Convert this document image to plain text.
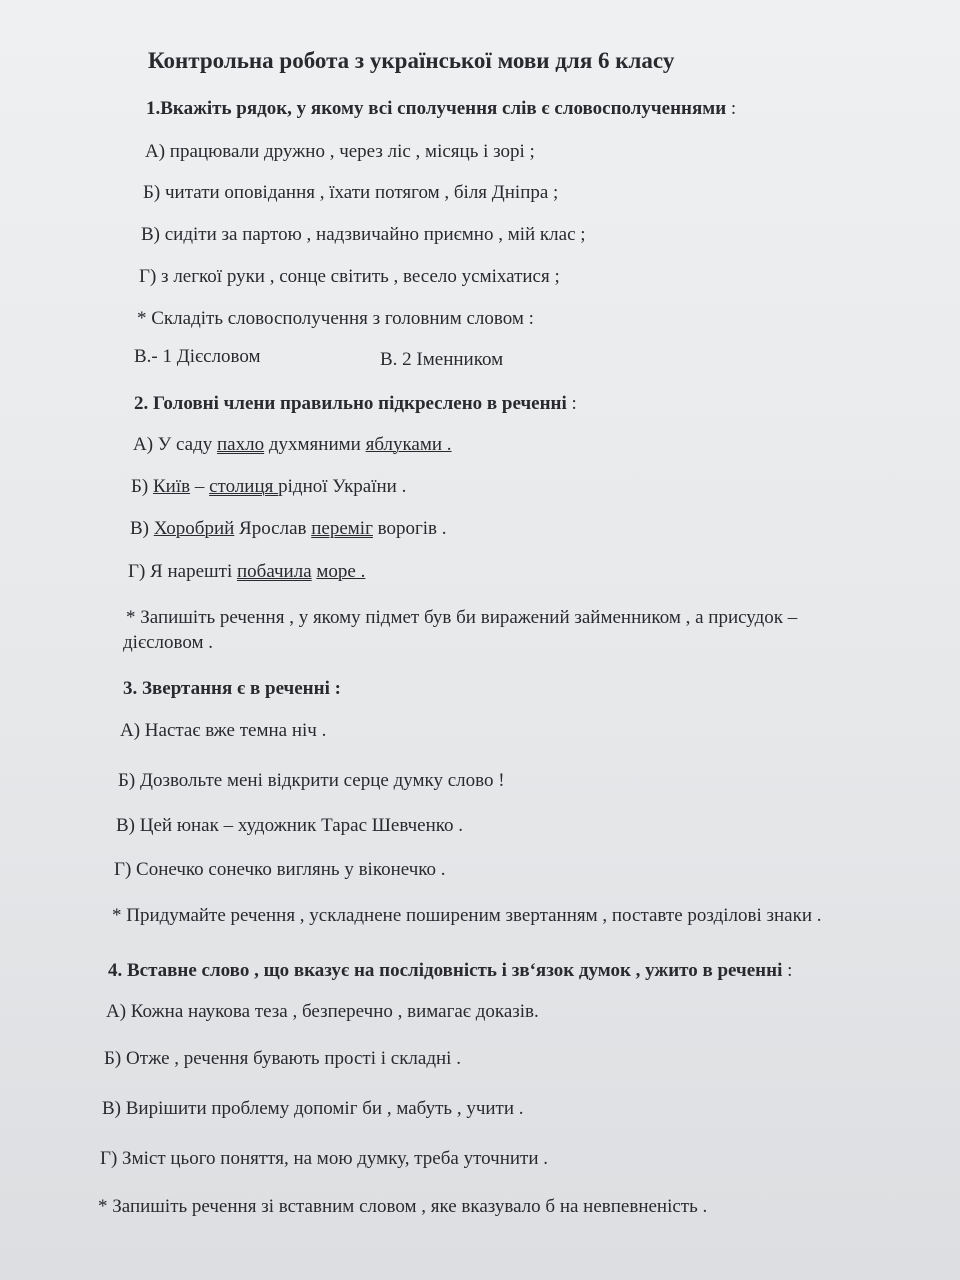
Контрольна робота з української мови для 6 класу
1.Вкажіть рядок, у якому всі сполучення слів є словосполученнями :
А) працювали дружно , через ліс , місяць і зорі ;
Б) читати оповідання , їхати потягом , біля Дніпра ;
В) сидіти за партою , надзвичайно приємно , мій клас ;
Г) з легкої руки , сонце світить , весело усміхатися ;
* Складіть словосполучення з головним словом :
В.- 1 Дієсловом	В. 2 Іменником
2. Головні члени правильно підкреслено в реченні :
А) У саду пахло духмяними яблуками .
Б) Київ – столиця рідної України .
В) Хоробрий Ярослав переміг ворогів .
Г) Я нарешті побачила море .
* Запишіть речення , у якому підмет був би виражений займенником , а присудок –
дієсловом .
3. Звертання є в реченні :
А) Настає вже темна ніч .
Б) Дозвольте мені відкрити серце думку слово !
В) Цей юнак – художник Тарас Шевченко .
Г) Сонечко сонечко виглянь у віконечко .
* Придумайте речення , ускладнене поширеним звертанням , поставте розділові знаки .
4. Вставне слово , що вказує на послідовність і зв‘язок думок , ужито в реченні :
А) Кожна наукова теза , безперечно , вимагає доказів.
Б) Отже , речення бувають прості і складні .
В) Вирішити проблему допоміг би , мабуть , учити .
Г) Зміст цього поняття, на мою думку, треба уточнити .
* Запишіть речення зі вставним словом , яке вказувало б на невпевненість .
